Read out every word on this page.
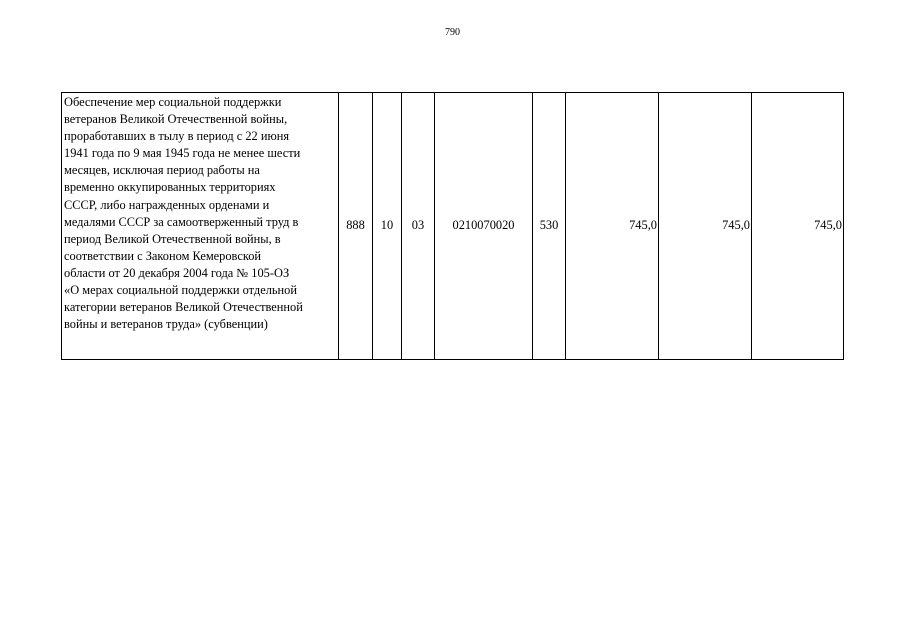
790
Обеспечение мер социальной поддержки
ветеранов Великой Отечественной войны,
проработавших в тылу в период с 22 июня
1941 года по 9 мая 1945 года не менее шести
месяцев, исключая период работы на
временно оккупированных территориях
СССР, либо награжденных орденами и
медалями СССР за самоотверженный труд в
период Великой Отечественной войны, в
соответствии с Законом Кемеровской
области от 20 декабря 2004 года № 105-ОЗ
«О мерах социальной поддержки отдельной
категории ветеранов Великой Отечественной
войны и ветеранов труда» (субвенции)
	888	10	03	0210070020	530	745,0	745,0	745,0
